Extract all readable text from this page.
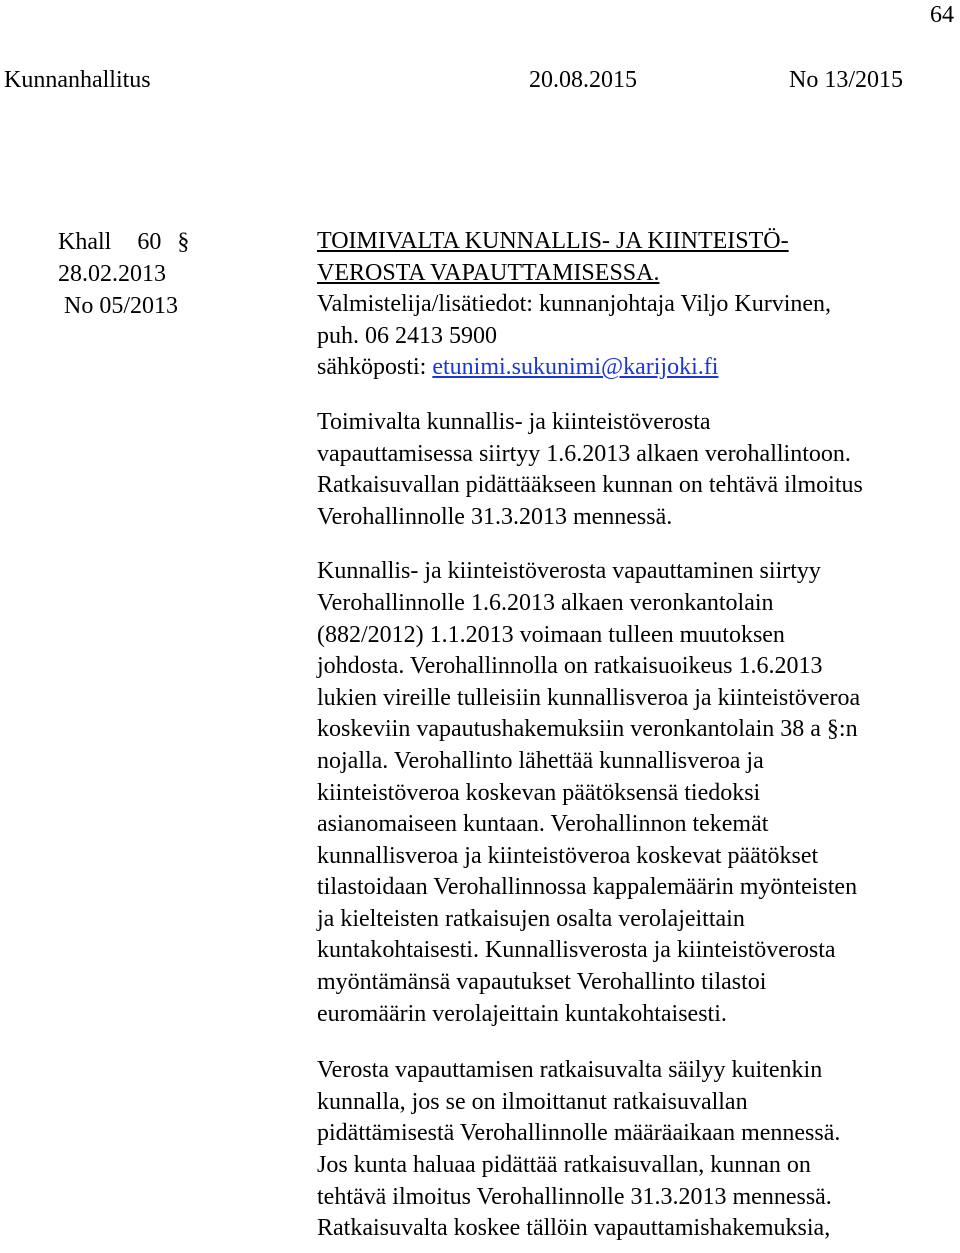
64
Kunnanhallitus	20.08.2015	No 13/2015
Khall 60 §
28.02.2013
No 05/2013
TOIMIVALTA KUNNALLIS- JA KIINTEISTÖ-
VEROSTA VAPAUTTAMISESSA.
Valmistelija/lisätiedot: kunnanjohtaja Viljo Kurvinen,
puh. 06 2413 5900
sähköposti: etunimi.sukunimi@karijoki.fi

Toimivalta kunnallis- ja kiinteistöverosta
vapauttamisessa siirtyy 1.6.2013 alkaen verohallintoon.
Ratkaisuvallan pidättääkseen kunnan on tehtävä ilmoitus
Verohallinnolle 31.3.2013 mennessä.

Kunnallis- ja kiinteistöverosta vapauttaminen siirtyy
Verohallinnolle 1.6.2013 alkaen veronkantolain
(882/2012) 1.1.2013 voimaan tulleen muutoksen
johdosta. Verohallinnolla on ratkaisuoikeus 1.6.2013
lukien vireille tulleisiin kunnallisveroa ja kiinteistöveroa
koskeviin vapautushakemuksiin veronkantolain 38 a §:n
nojalla. Verohallinto lähettää kunnallisveroa ja
kiinteistöveroa koskevan päätöksensä tiedoksi
asianomaiseen kuntaan. Verohallinnon tekemät
kunnallisveroa ja kiinteistöveroa koskevat päätökset
tilastoidaan Verohallinnossa kappalemäärin myönteisten
ja kielteisten ratkaisujen osalta verolajeittain
kuntakohtaisesti. Kunnallisverosta ja kiinteistöverosta
myöntämänsä vapautukset Verohallinto tilastoi
euromäärin verolajeittain kuntakohtaisesti.

Verosta vapauttamisen ratkaisuvalta säilyy kuitenkin
kunnalla, jos se on ilmoittanut ratkaisuvallan
pidättämisestä Verohallinnolle määräaikaan mennessä.
Jos kunta haluaa pidättää ratkaisuvallan, kunnan on
tehtävä ilmoitus Verohallinnolle 31.3.2013 mennessä.
Ratkaisuvalta koskee tällöin vapauttamishakemuksia,
